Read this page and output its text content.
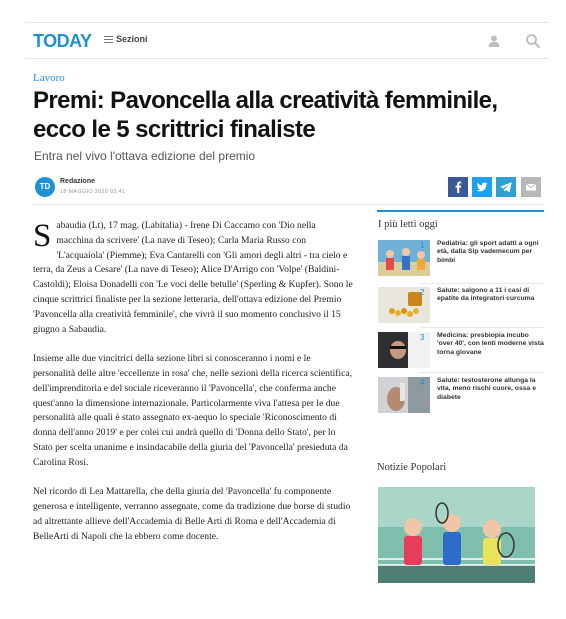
TODAY	Sezioni
Lavoro
Premi: Pavoncella alla creatività femminile, ecco le 5 scrittrici finaliste
Entra nel vivo l'ottava edizione del premio
TD
Redazione
18 MAGGIO 2019 03:41

Sabaudia (Lt), 17 mag. (Labitalia) - Irene Di Caccamo con 'Dio nella macchina da scrivere' (La nave di Teseo); Carla Maria Russo con 'L'acquaiola' (Piemme); Eva Cantarelli con 'Gli amori degli altri - tra cielo e terra, da Zeus a Cesare' (La nave di Teseo); Alice D'Arrigo con 'Volpe' (Baldini-Castoldi); Eloisa Donadelli con 'Le voci delle betulle' (Sperling & Kupfer). Sono le cinque scrittrici finaliste per la sezione letteraria, dell'ottava edizione del Premio 'Pavoncella alla creatività femminile', che vivrà il suo momento conclusivo il 15 giugno a Sabaudia.

Insieme alle due vincitrici della sezione libri si conosceranno i nomi e le personalità delle altre 'eccellenze in rosa' che, nelle sezioni della ricerca scientifica, dell'imprenditoria e del sociale riceveranno il 'Pavoncella', che conferma anche quest'anno la dimensione internazionale. Particolarmente viva l'attesa per le due personalità alle quali è stato assegnato ex-aequo lo speciale 'Riconoscimento di donna dell'anno 2019' e per colei cui andrà quello di 'Donna dello Stato', per lo Stato per scelta unanime e insindacabile della giuria del 'Pavoncella' presieduta da Carolina Rosi.

Nel ricordo di Lea Mattarella, che della giuria del 'Pavoncella' fu componente generosa e intelligente, verranno assegnate, come da tradizione due borse di studio ad altrettante allieve dell'Accademia di Belle Arti di Roma e dell'Accademia di BelleArti di Napoli che la ebbero come docente.

I più letti oggi
1 Pediatria: gli sport adatti a ogni età, dalla Sip vademecum per bimbi
2 Salute: salgono a 11 i casi di epatite da integratori curcuma
3 Medicina: presbiopia incubo 'over 40', con lenti moderne vista torna giovane
4 Salute: testosterone allunga la vita, meno rischi cuore, ossa e diabete
Notizie Popolari
